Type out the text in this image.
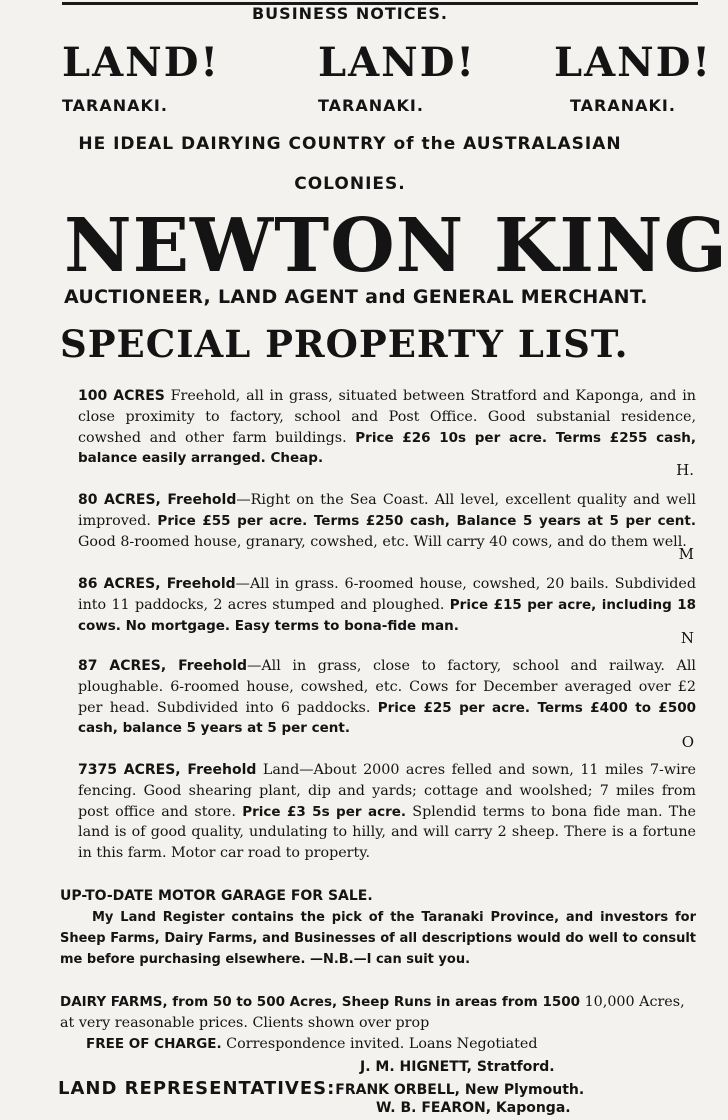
BUSINESS NOTICES.
LAND! LAND! LAND!
TARANAKI.	TARANAKI.	TARANAKI.
HE IDEAL DAIRYING COUNTRY of the AUSTRALASIAN
COLONIES.
NEWTON KING
AUCTIONEER, LAND AGENT and GENERAL MERCHANT.
SPECIAL PROPERTY LIST.
100 ACRES Freehold, all in grass, situated between Stratford and Kaponga, and in close proximity to factory, school and Post Office. Good substanial residence, cowshed and other farm buildings. Price £26 10s per acre. Terms £255 cash, balance easily arranged. Cheap.
80 ACRES, Freehold—Right on the Sea Coast. All level, excellent quality and well improved. Price £55 per acre. Terms £250 cash, Balance 5 years at 5 per cent. Good 8-roomed house, granary, cowshed, etc. Will carry 40 cows, and do them well.
86 ACRES, Freehold—All in grass. 6-roomed house, cowshed, 20 bails. Subdivided into 11 paddocks, 2 acres stumped and ploughed. Price £15 per acre, including 18 cows. No mortgage. Easy terms to bona-fide man.
87 ACRES, Freehold—All in grass, close to factory, school and railway. All ploughable. 6-roomed house, cowshed, etc. Cows for December averaged over £2 per head. Subdivided into 6 paddocks. Price £25 per acre. Terms £400 to £500 cash, balance 5 years at 5 per cent.
7375 ACRES, Freehold Land—About 2000 acres felled and sown, 11 miles 7-wire fencing. Good shearing plant, dip and yards; cottage and woolshed; 7 miles from post office and store. Price £3 5s per acre. Splendid terms to bona fide man. The land is of good quality, undulating to hilly, and will carry 2 sheep. There is a fortune in this farm. Motor car road to property.
H.
M
N
O
UP-TO-DATE MOTOR GARAGE FOR SALE.
My Land Register contains the pick of the Taranaki Province, and investors for Sheep Farms, Dairy Farms, and Businesses of all descriptions would do well to consult me before purchasing elsewhere. —N.B.—I can suit you.
DAIRY FARMS, from 50 to 500 Acres, Sheep Runs in areas from 1500 10,000 Acres, at very reasonable prices. Clients shown over prop
FREE OF CHARGE. Correspondence invited. Loans Negotiated
J. M. HIGNETT, Stratford.
LAND REPRESENTATIVES:FRANK ORBELL, New Plymouth.
W. B. FEARON, Kaponga.
